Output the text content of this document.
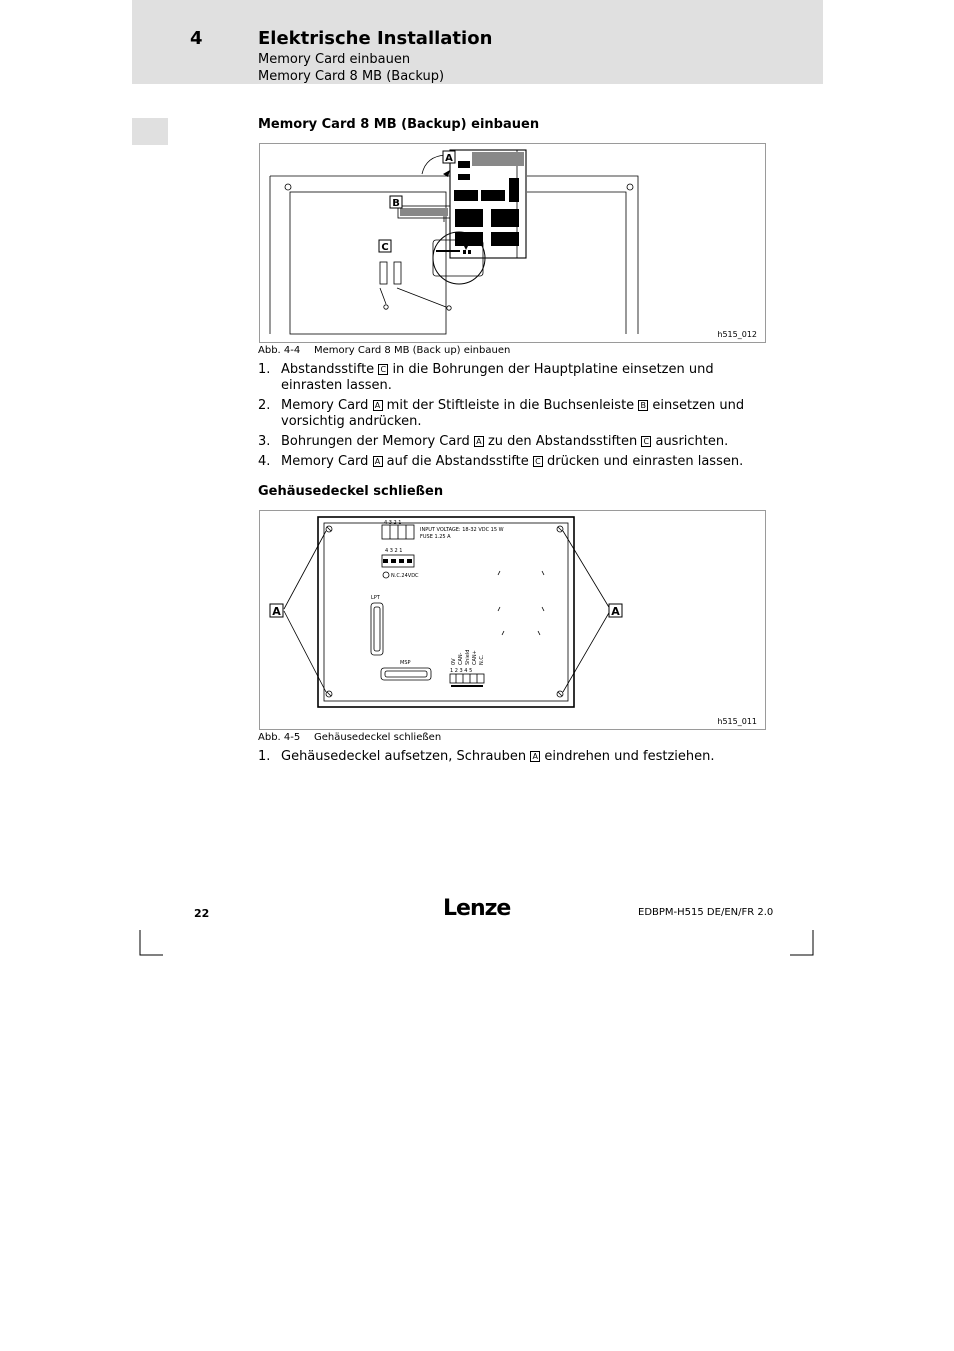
4	Elektrische Installation
Memory Card einbauen
Memory Card 8 MB (Backup)
Memory Card 8 MB (Backup) einbauen
A
B
C
h515_012
Abb. 4-4 Memory Card 8 MB (Back up) einbauen
1. Abstandsstifte C in die Bohrungen der Hauptplatine einsetzen und einrasten lassen.
2. Memory Card A mit der Stiftleiste in die Buchsenleiste B einsetzen und vorsichtig andrücken.
3. Bohrungen der Memory Card A zu den Abstandsstiften C ausrichten.
4. Memory Card A auf die Abstandsstifte C drücken und einrasten lassen.
Gehäusedeckel schließen
INPUT VOLTAGE: 18-32 VDC 15 W
FUSE 1.25 A
4 3 2 1
4 3 2 1
N.C.24VDC
LPT
MSP
1 2 3 4 5
0V CAN- Shield CAN+ N.C.
A	A
h515_011
Abb. 4-5 Gehäusedeckel schließen
1. Gehäusedeckel aufsetzen, Schrauben A eindrehen und festziehen.
22	Lenze	EDBPM-H515 DE/EN/FR 2.0
